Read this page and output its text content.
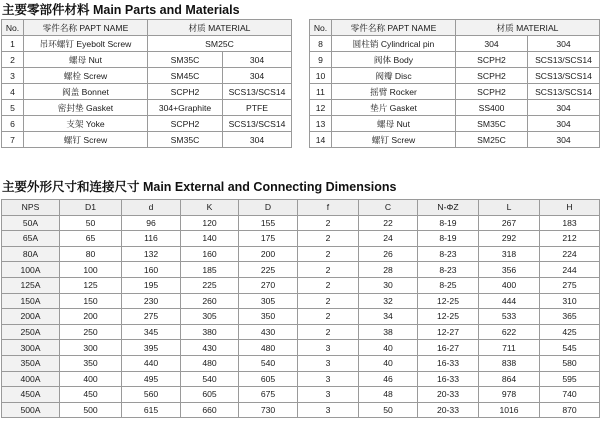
主要零部件材料 Main Parts and Materials
No.	零件名称 PAPT NAME	材质 MATERIAL	
1	吊环螺钉 Eyebolt Screw	SM25C	
2	螺母 Nut	SM35C	304
3	螺栓 Screw	SM45C	304
4	阀盖 Bonnet	SCPH2	SCS13/SCS14
5	密封垫 Gasket	304+Graphite	PTFE
6	支架 Yoke	SCPH2	SCS13/SCS14
7	螺钉 Screw	SM35C	304
No.	零件名称 PAPT NAME	材质 MATERIAL	
8	圆柱销 Cylindrical pin	304	304
9	阀体 Body	SCPH2	SCS13/SCS14
10	阀瓣 Disc	SCPH2	SCS13/SCS14
11	摇臂 Rocker	SCPH2	SCS13/SCS14
12	垫片 Gasket	SS400	304
13	螺母 Nut	SM35C	304
14	螺钉 Screw	SM25C	304
主要外形尺寸和连接尺寸 Main External and Connecting Dimensions
NPS	D1	d	K	D	f	C	N-ΦZ	L	H
50A	50	96	120	155	2	22	8-19	267	183
65A	65	116	140	175	2	24	8-19	292	212
80A	80	132	160	200	2	26	8-23	318	224
100A	100	160	185	225	2	28	8-23	356	244
125A	125	195	225	270	2	30	8-25	400	275
150A	150	230	260	305	2	32	12-25	444	310
200A	200	275	305	350	2	34	12-25	533	365
250A	250	345	380	430	2	38	12-27	622	425
300A	300	395	430	480	3	40	16-27	711	545
350A	350	440	480	540	3	40	16-33	838	580
400A	400	495	540	605	3	46	16-33	864	595
450A	450	560	605	675	3	48	20-33	978	740
500A	500	615	660	730	3	50	20-33	1016	870
